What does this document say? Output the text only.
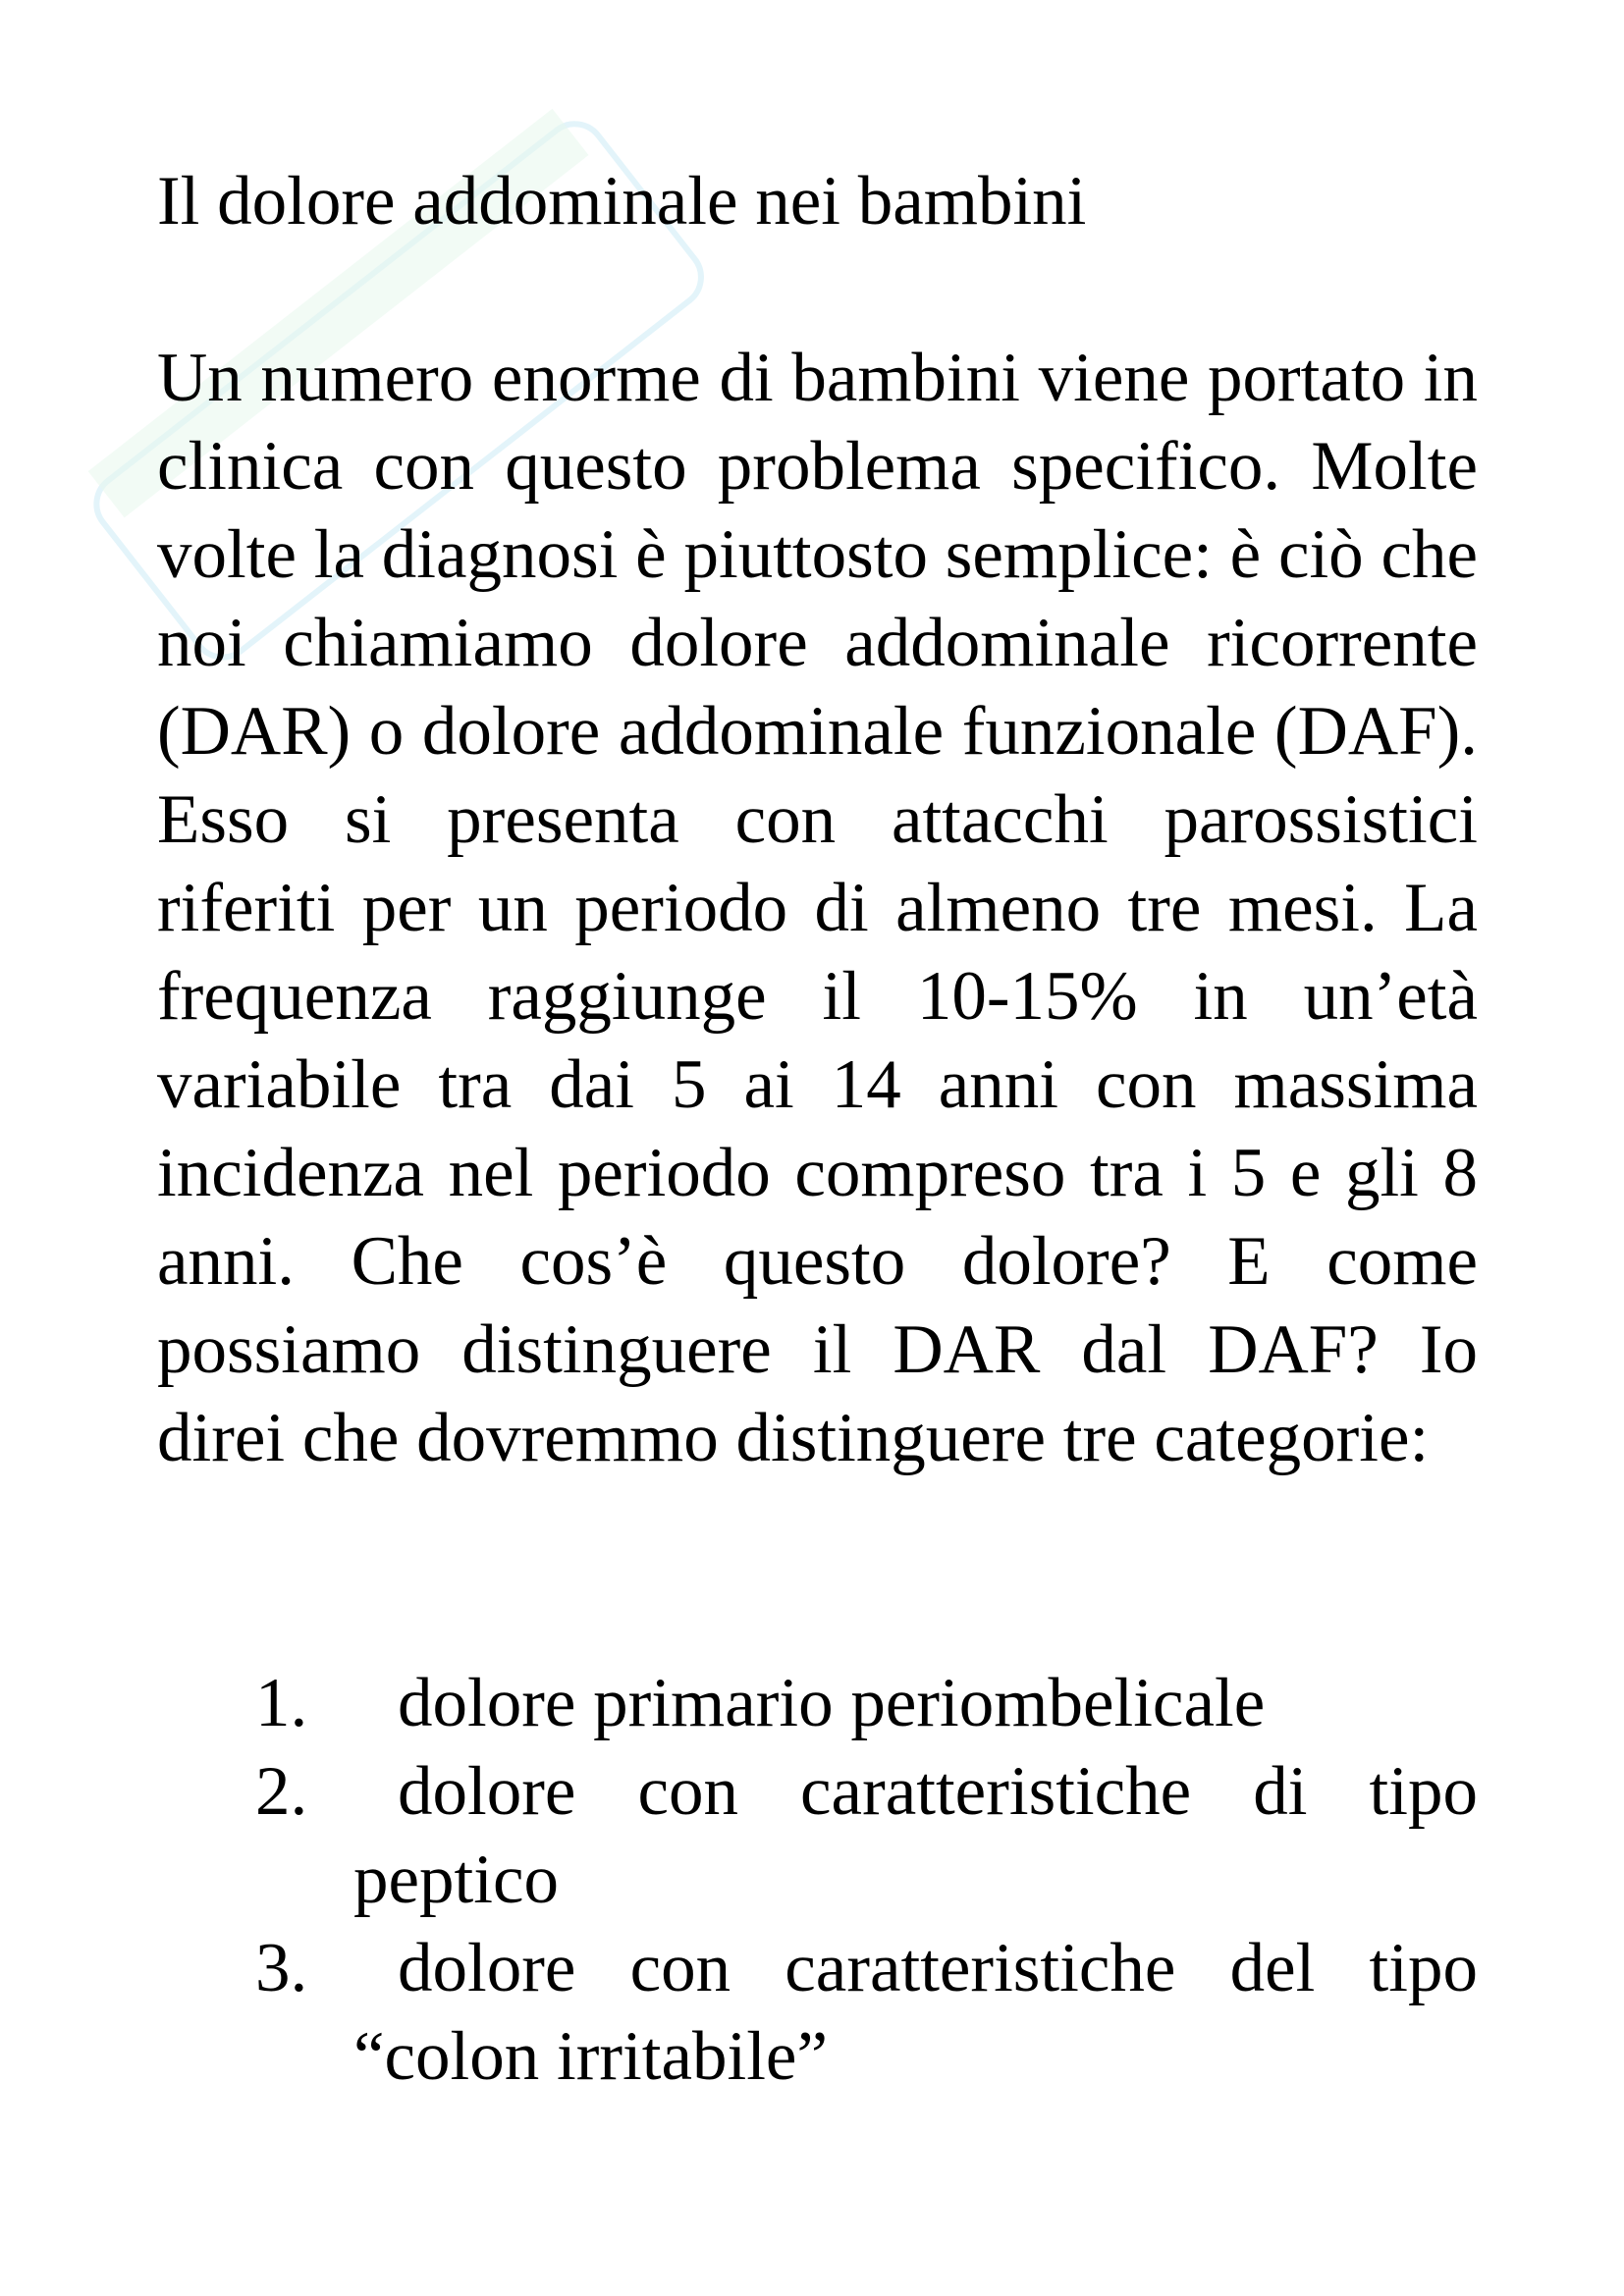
Il dolore addominale nei bambini

Un numero enorme di bambini viene portato in clinica con questo problema specifico. Molte volte la diagnosi è piuttosto semplice: è ciò che noi chiamiamo dolore addominale ricorrente (DAR) o dolore addominale funzionale (DAF). Esso si presenta con attacchi parossistici riferiti per un periodo di almeno tre mesi. La frequenza raggiunge il 10-15% in un’età variabile tra dai 5 ai 14 anni con massima incidenza nel periodo compreso tra i 5 e gli 8 anni. Che cos’è questo dolore? E come possiamo distinguere il DAR dal DAF? Io direi che dovremmo distinguere tre categorie:

1. dolore primario periombelicale
2. dolore con caratteristiche di tipo peptico
3. dolore con caratteristiche del tipo “colon irritabile”
